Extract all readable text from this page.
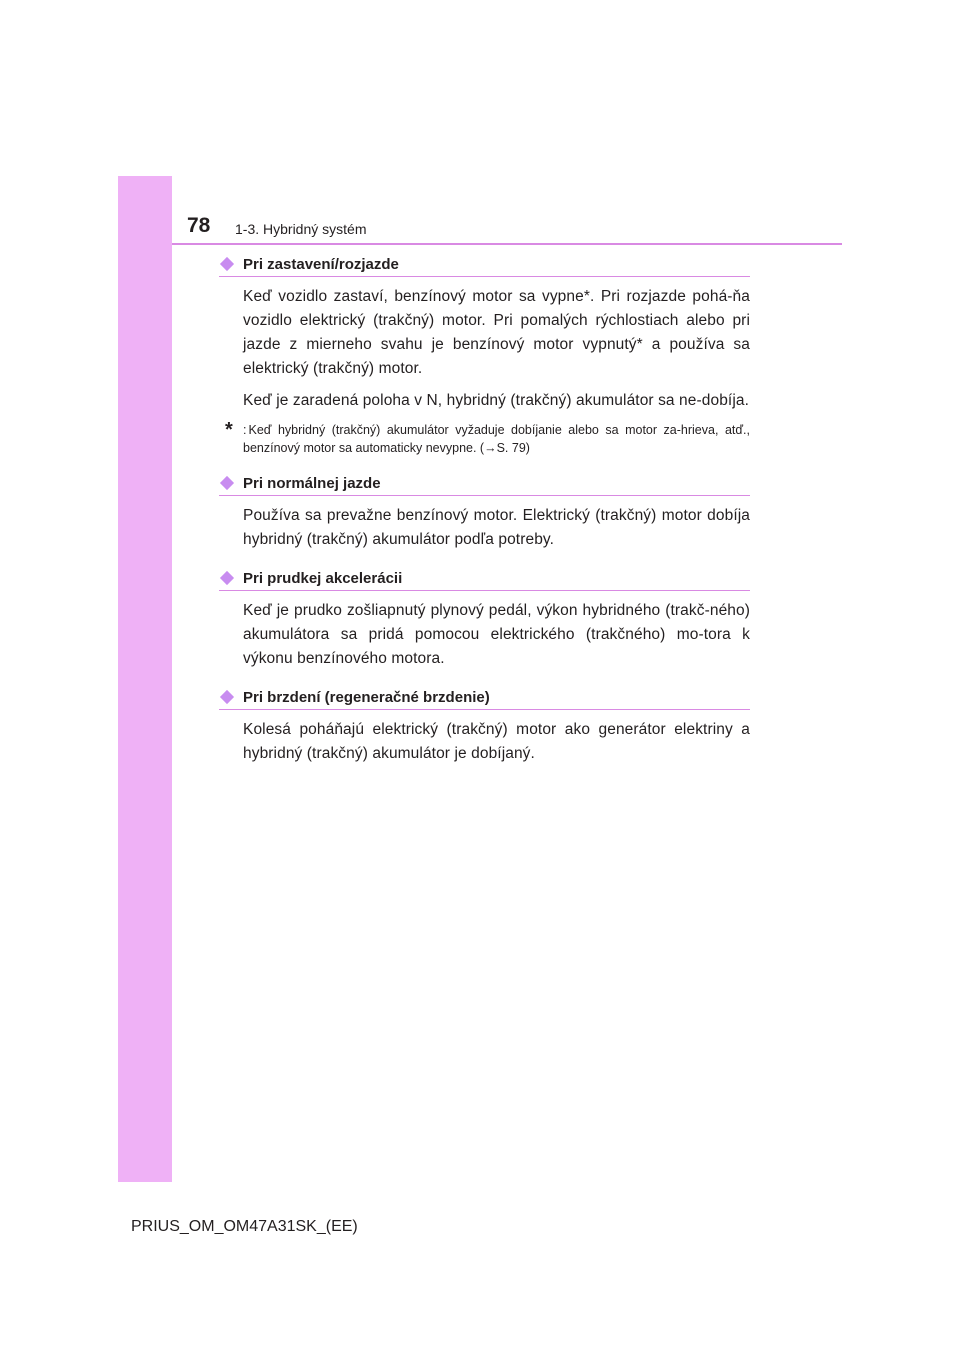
78 1-3. Hybridný systém
Pri zastavení/rozjazde

Keď vozidlo zastaví, benzínový motor sa vypne*. Pri rozjazde pohá-ňa vozidlo elektrický (trakčný) motor. Pri pomalých rýchlostiach alebo pri jazde z mierneho svahu je benzínový motor vypnutý* a používa sa elektrický (trakčný) motor.

Keď je zaradená poloha v N, hybridný (trakčný) akumulátor sa ne-dobíja.

* : Keď hybridný (trakčný) akumulátor vyžaduje dobíjanie alebo sa motor za-hrieva, atď., benzínový motor sa automaticky nevypne. (→S. 79)
Pri normálnej jazde

Používa sa prevažne benzínový motor. Elektrický (trakčný) motor dobíja hybridný (trakčný) akumulátor podľa potreby.

Pri prudkej akcelerácii

Keď je prudko zošliapnutý plynový pedál, výkon hybridného (trakč-ného) akumulátora sa pridá pomocou elektrického (trakčného) mo-tora k výkonu benzínového motora.

Pri brzdení (regeneračné brzdenie)

Kolesá poháňajú elektrický (trakčný) motor ako generátor elektriny a hybridný (trakčný) akumulátor je dobíjaný.

PRIUS_OM_OM47A31SK_(EE)
